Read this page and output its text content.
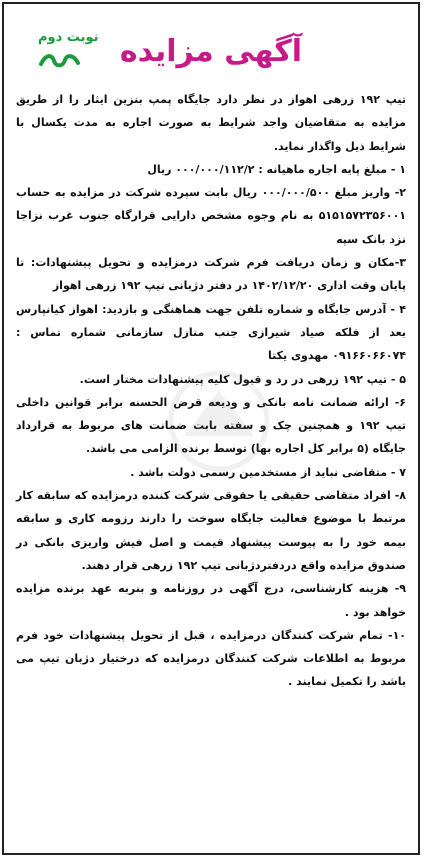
نوبت دوم آگهی مزایده

تیپ ۱۹۲ زرهی اهواز در نظر دارد جایگاه پمپ بنزین ایثار را از طریق مزایده به متقاضیان واجد شرایط به صورت اجاره به مدت یکسال با شرایط ذیل واگذار نماید.

۱ - مبلغ پایه اجاره ماهیانه : ۰۰۰/۰۰۰/۱۱۲/۲ ریال

۲- واریز مبلغ ۰۰۰/۰۰۰/۵۰۰ ریال بابت سپرده شرکت در مزایده به حساب ۵۱۵۱۵۷۲۳۵۶۰۰۱ به نام وجوه مشخص دارایی قرارگاه جنوب غرب نزاجا نزد بانک سپه

۳-مکان و زمان دریافت فرم شرکت درمزایده و تحویل پیشنهادات: تا پایان وقت اداری ۱۴۰۲/۱۲/۲۰ در دفتر دژبانی تیپ ۱۹۲ زرهی اهواز

۴ - آدرس جایگاه و شماره تلفن جهت هماهنگی و بازدید: اهواز کیانپارس بعد از فلکه صیاد شیرازی جنب منازل سازمانی شماره تماس : ۰۹۱۶۶۰۶۶۰۷۴ مهدوی یکتا

۵ - تیپ ۱۹۲ زرهی در رد و قبول کلیه پیشنهادات مختار است.

۶- ارائه ضمانت نامه بانکی و ودیعه قرض الحسنه برابر قوانین داخلی تیپ ۱۹۲ و همچنین چک و سفته بابت ضمانت های مربوط به قرارداد جایگاه (۵ برابر کل اجاره بها) توسط برنده الزامی می باشد.

۷ - متقاضی نباید از مستخدمین رسمی دولت باشد .

۸- افراد متقاضی حقیقی یا حقوقی شرکت کننده درمزایده که سابقه کار مرتبط با موضوع فعالیت جایگاه سوخت را دارند رزومه کاری و سابقه بیمه خود را به پیوست پیشنهاد قیمت و اصل فیش واریزی بانکی در صندوق مزایده واقع دردفتردژبانی تیپ ۱۹۲ زرهی قرار دهند.

۹- هزینه کارشناسی، درج آگهی در روزنامه و بنربه عهد برنده مزایده خواهد بود .

۱۰- تمام شرکت کنندگان درمزایده ، قبل از تحویل پیشنهادات خود فرم مربوط به اطلاعات شرکت کنندگان درمزایده که درختیار دژبان تیپ می باشد را تکمیل نمایند .
